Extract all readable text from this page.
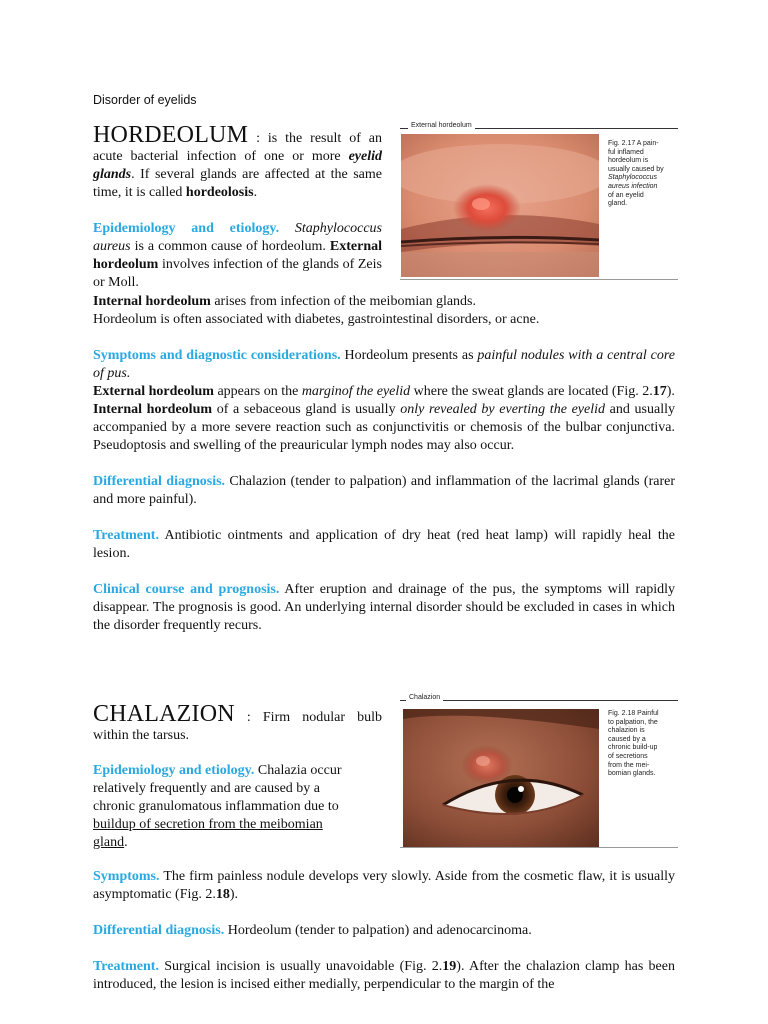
Disorder of eyelids

HORDEOLUM : is the result of an acute bacterial infection of one or more eyelid glands. If several glands are affected at the same time, it is called hordeolosis.

Epidemiology and etiology. Staphylococcus aureus is a common cause of hordeolum. External hordeolum involves infection of the glands of Zeis or Moll.

Internal hordeolum arises from infection of the meibomian glands.

Hordeolum is often associated with diabetes, gastrointestinal disorders, or acne.

Symptoms and diagnostic considerations. Hordeolum presents as painful nodules with a central core of pus.

External hordeolum appears on the marginof the eyelid where the sweat glands are located (Fig. 2.17).

Internal hordeolum of a sebaceous gland is usually only revealed by everting the eyelid and usually accompanied by a more severe reaction such as conjunctivitis or chemosis of the bulbar conjunctiva. Pseudoptosis and swelling of the preauricular lymph nodes may also occur.

Differential diagnosis. Chalazion (tender to palpation) and inflammation of the lacrimal glands (rarer and more painful).

Treatment. Antibiotic ointments and application of dry heat (red heat lamp) will rapidly heal the lesion.

Clinical course and prognosis. After eruption and drainage of the pus, the symptoms will rapidly disappear. The prognosis is good. An underlying internal disorder should be excluded in cases in which the disorder frequently recurs.

External hordeolum
Fig. 2.17 A pain-
ful inflamed
hordeolum is
usually caused by
Staphylococcus
aureus infection
of an eyelid
gland.

CHALAZION : Firm nodular bulb within the tarsus.

Epidemiology and etiology. Chalazia occur relatively frequently and are caused by a chronic granulomatous inflammation due to buildup of secretion from the meibomian gland.

Symptoms. The firm painless nodule develops very slowly. Aside from the cosmetic flaw, it is usually asymptomatic (Fig. 2.18).

Differential diagnosis. Hordeolum (tender to palpation) and adenocarcinoma.

Treatment. Surgical incision is usually unavoidable (Fig. 2.19). After the chalazion clamp has been introduced, the lesion is incised either medially, perpendicular to the margin of the

Chalazion
Fig. 2.18 Painful
to palpation, the
chalazion is
caused by a
chronic build-up
of secretions
from the mei-
bomian glands.
